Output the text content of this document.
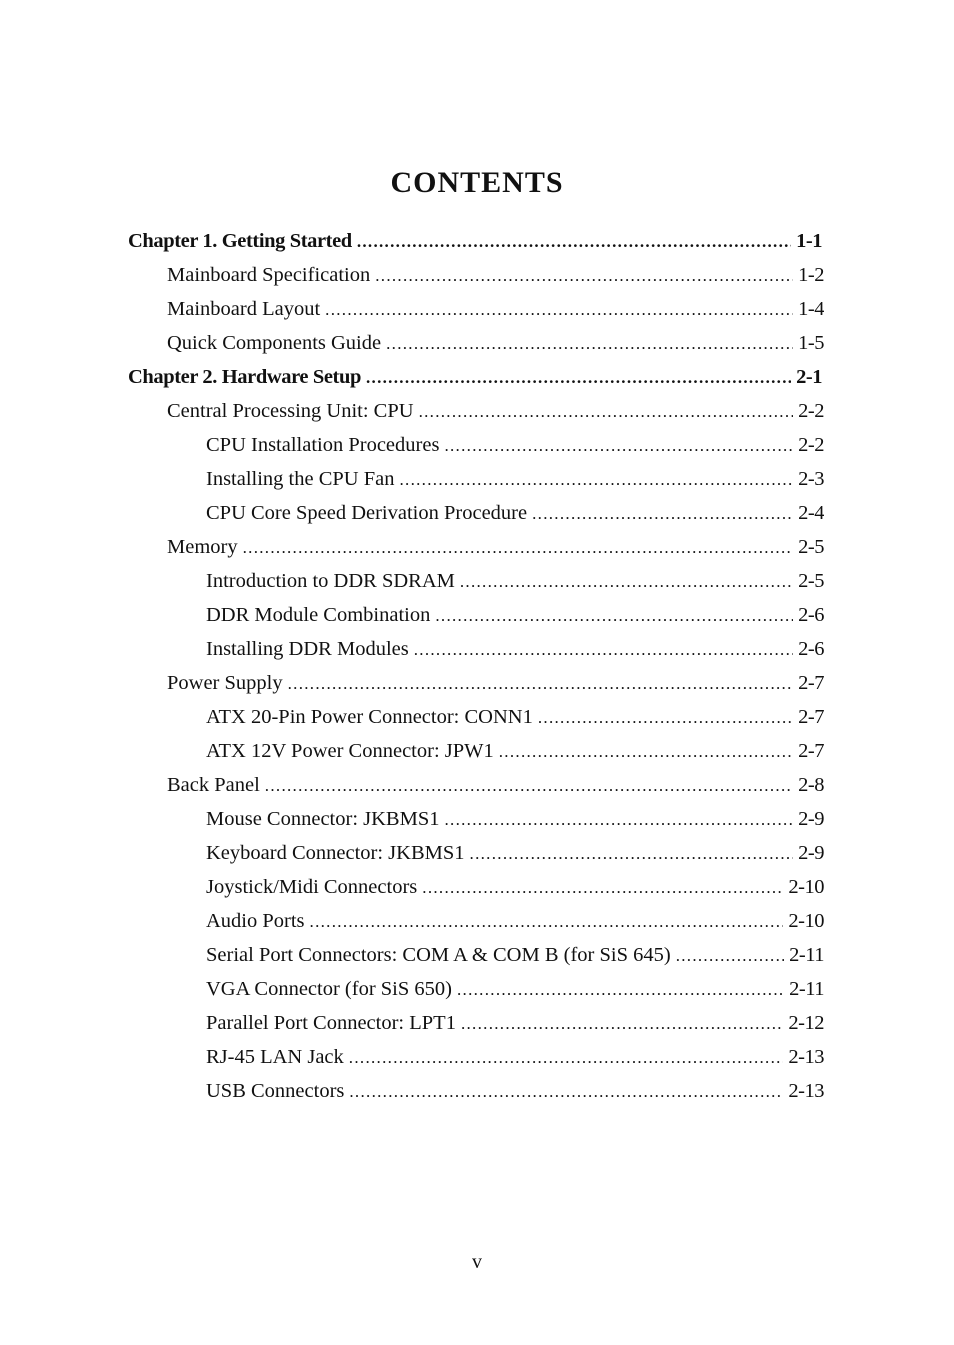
CONTENTS
Chapter 1. Getting Started .....	1-1
Mainboard Specification .....	1-2
Mainboard Layout .....	1-4
Quick Components Guide .....	1-5
Chapter 2. Hardware Setup .....	2-1
Central Processing Unit: CPU .....	2-2
CPU Installation Procedures .....	2-2
Installing the CPU Fan .....	2-3
CPU Core Speed Derivation Procedure .....	2-4
Memory .....	2-5
Introduction to DDR SDRAM .....	2-5
DDR Module Combination .....	2-6
Installing DDR Modules .....	2-6
Power Supply .....	2-7
ATX 20-Pin Power Connector: CONN1 .....	2-7
ATX 12V Power Connector: JPW1 .....	2-7
Back Panel .....	2-8
Mouse Connector: JKBMS1 .....	2-9
Keyboard Connector: JKBMS1 .....	2-9
Joystick/Midi Connectors .....	2-10
Audio Ports .....	2-10
Serial Port Connectors: COM A & COM B (for SiS 645) .....	2-11
VGA Connector (for SiS 650) .....	2-11
Parallel Port Connector: LPT1 .....	2-12
RJ-45 LAN Jack .....	2-13
USB Connectors .....	2-13
v
